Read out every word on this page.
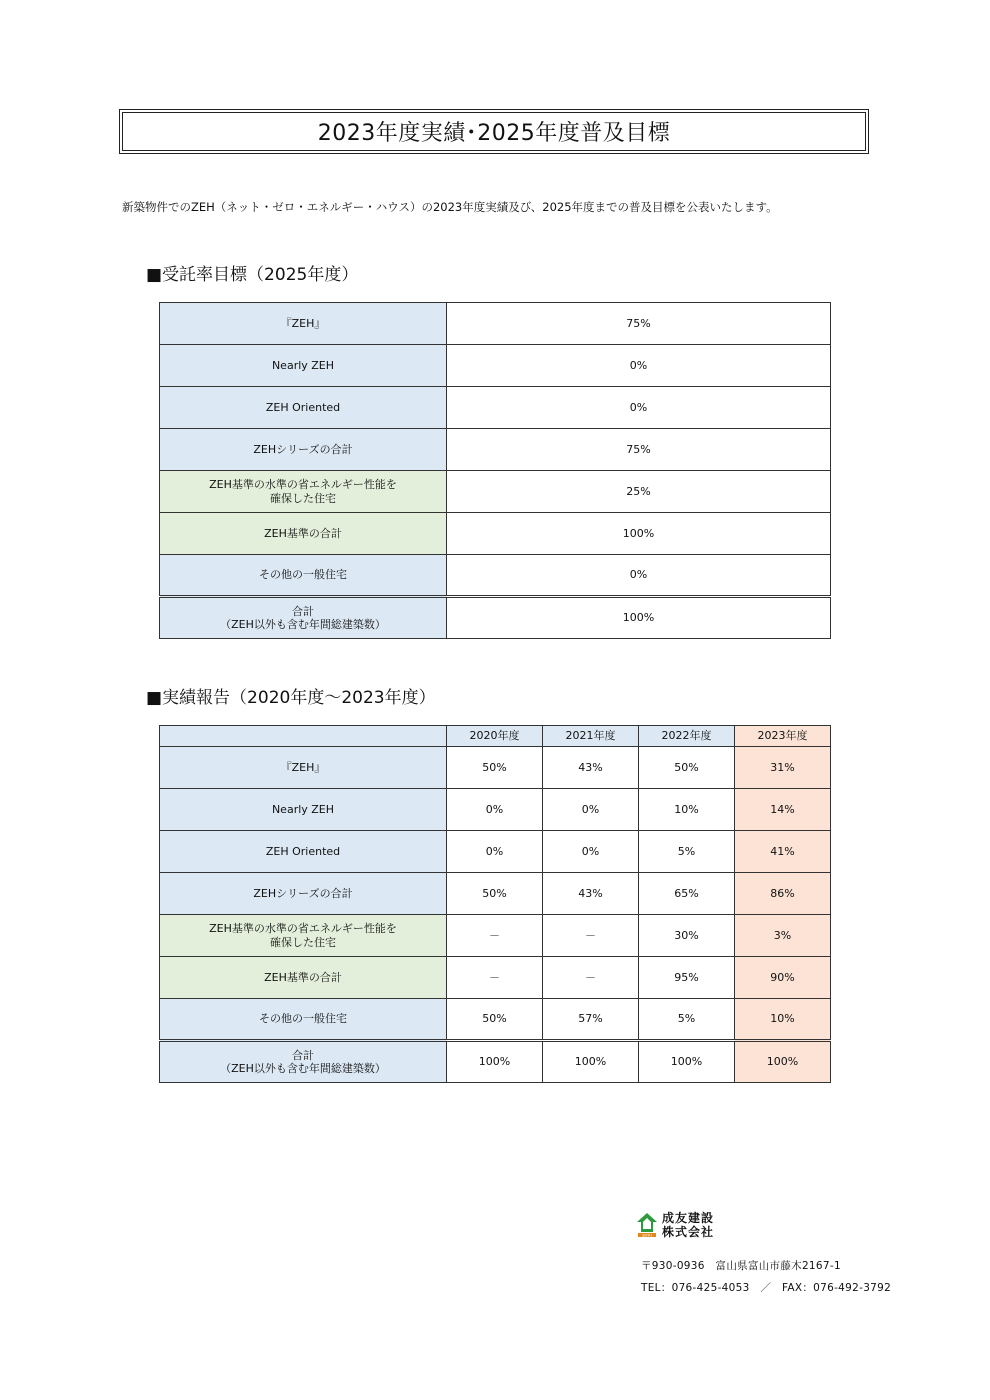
2023年度実績･2025年度普及目標
新築物件でのZEH（ネット・ゼロ・エネルギー・ハウス）の2023年度実績及び、2025年度までの普及目標を公表いたします。
■受託率目標（2025年度）
『ZEH』	75%
Nearly ZEH	0%
ZEH Oriented	0%
ZEHシリーズの合計	75%
ZEH基準の水準の省エネルギー性能を
確保した住宅	25%
ZEH基準の合計	100%
その他の一般住宅	0%
合計
（ZEH以外も含む年間総建築数）	100%
■実績報告（2020年度～2023年度）
	2020年度	2021年度	2022年度	2023年度
『ZEH』	50%	43%	50%	31%
Nearly ZEH	0%	0%	10%	14%
ZEH Oriented	0%	0%	5%	41%
ZEHシリーズの合計	50%	43%	65%	86%
ZEH基準の水準の省エネルギー性能を
確保した住宅	－	－	30%	3%
ZEH基準の合計	－	－	95%	90%
その他の一般住宅	50%	57%	5%	10%
合計
（ZEH以外も含む年間総建築数）	100%	100%	100%	100%
SEIYU
成友建設
株式会社
〒930-0936　富山県富山市藤木2167-1
TEL：076-425-4053　／　FAX：076-492-3792
